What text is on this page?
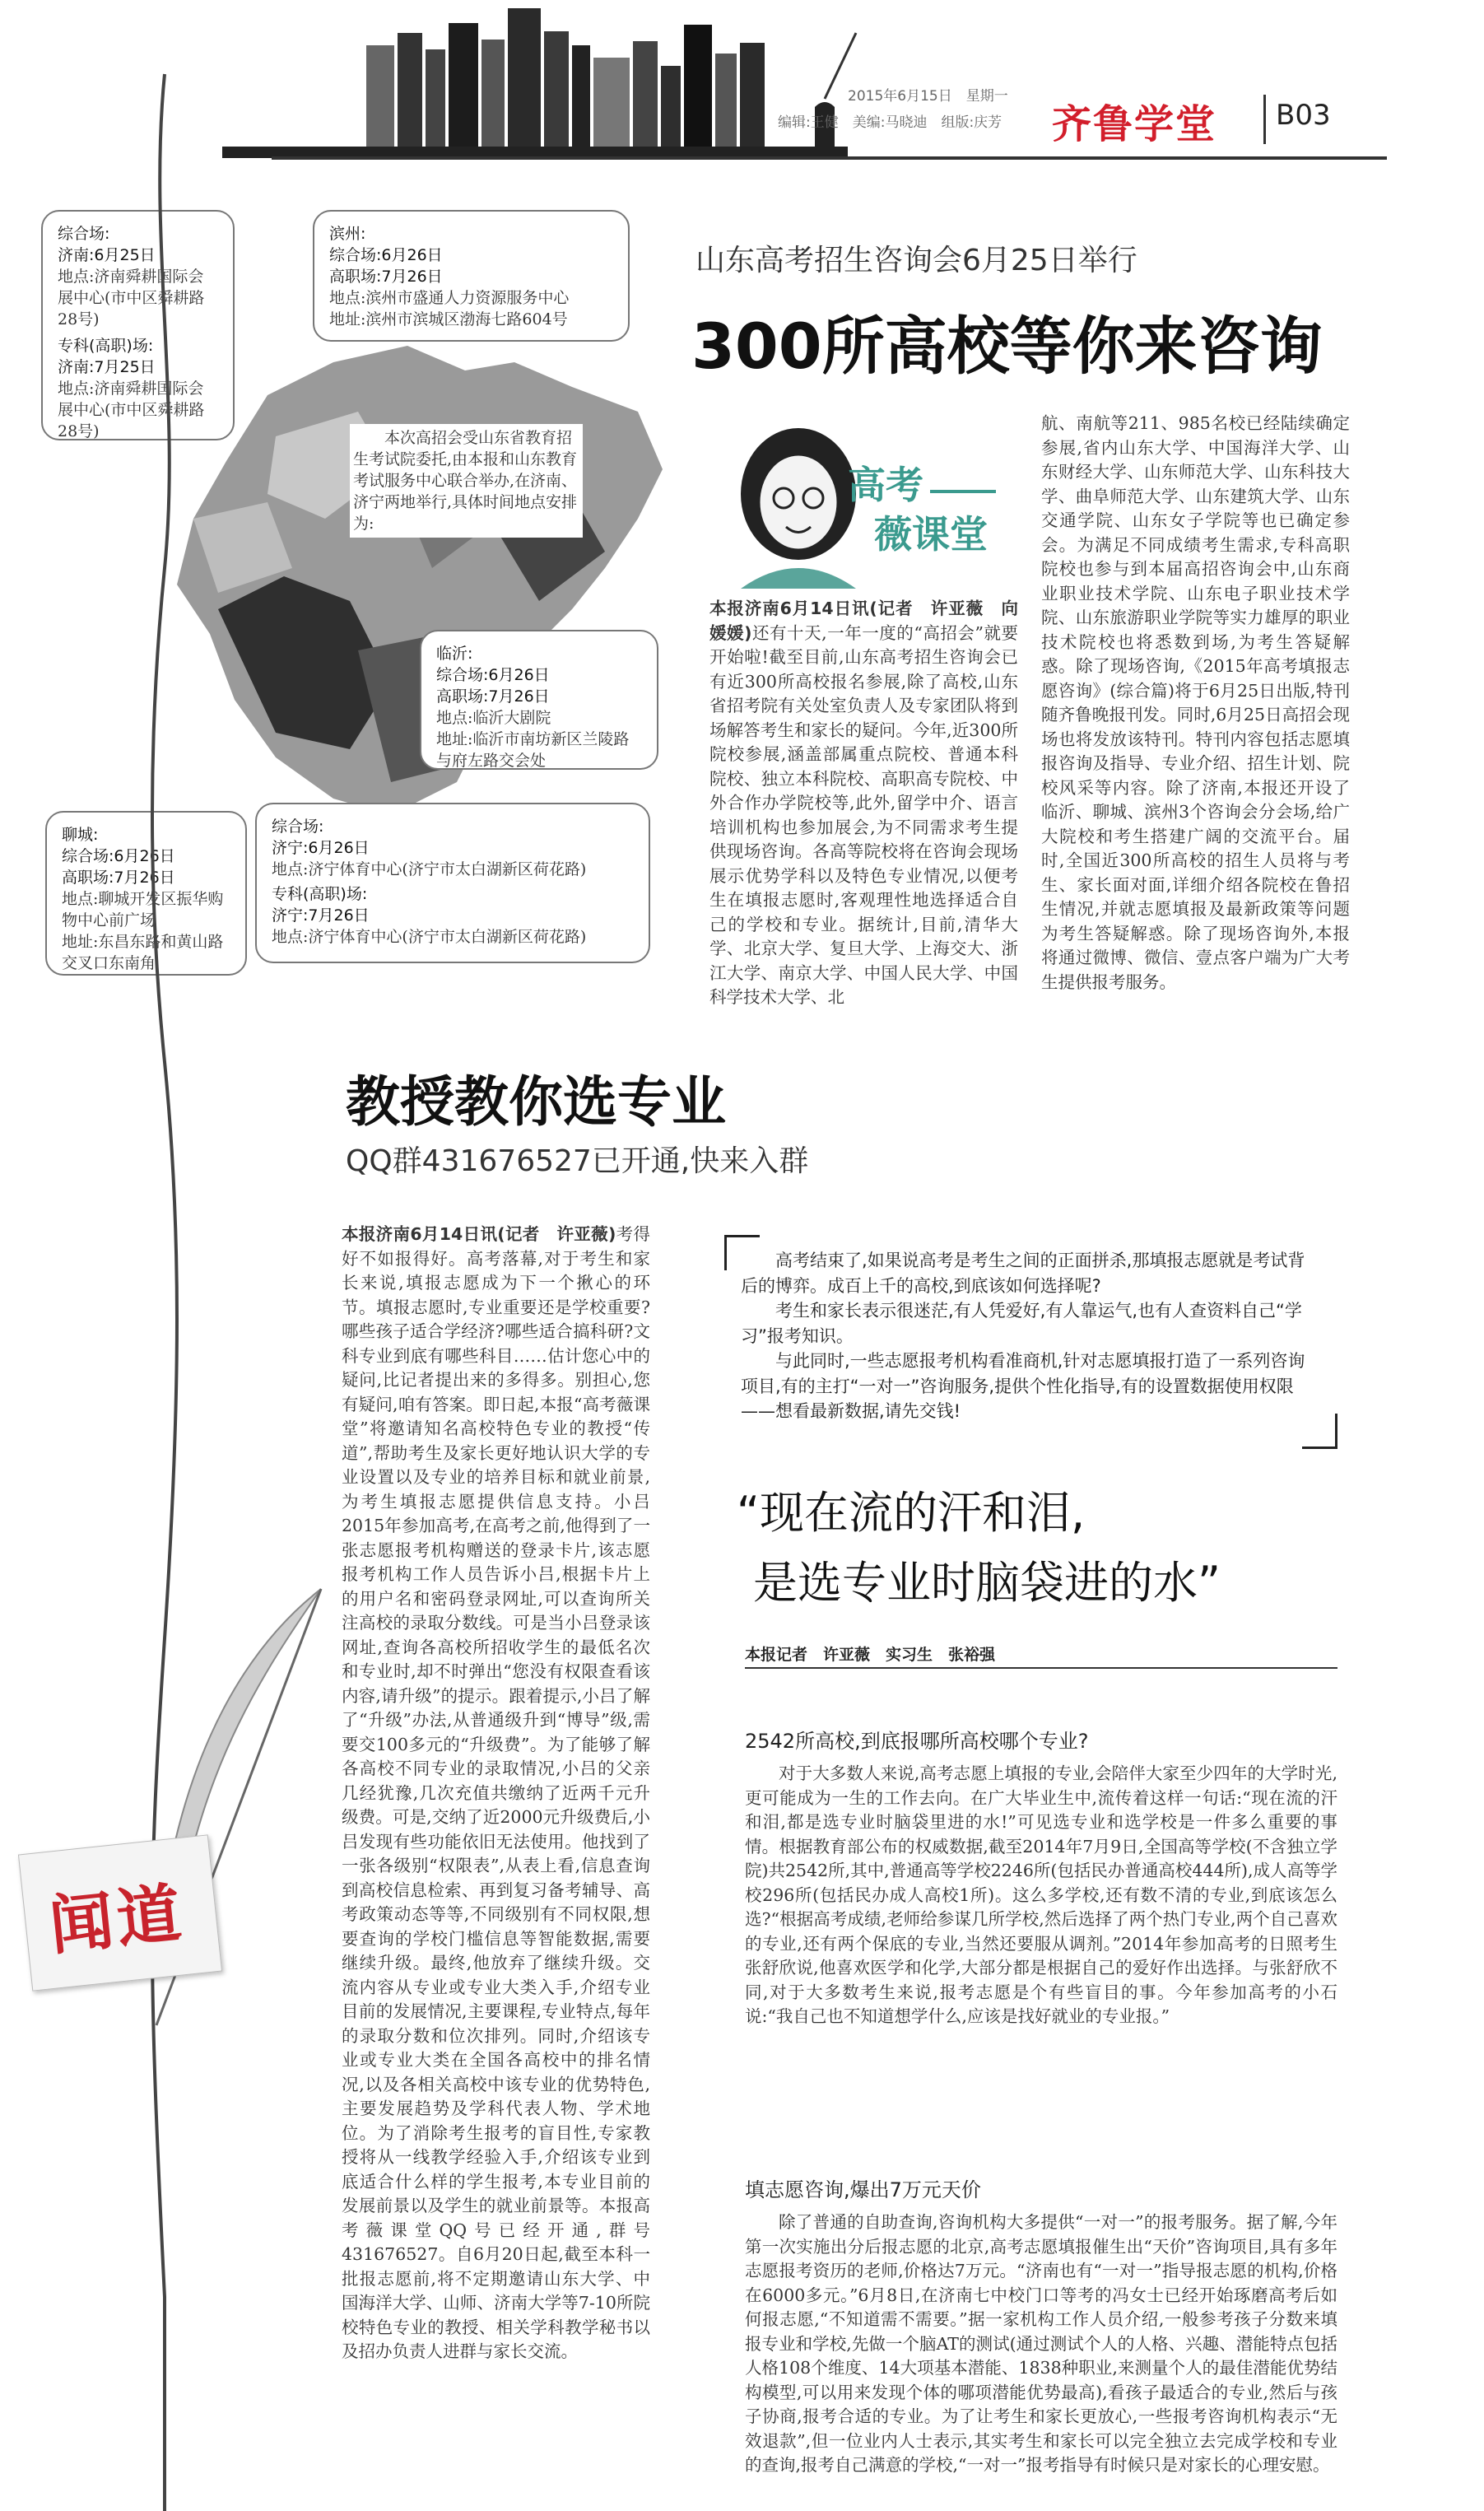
2015年6月15日　星期一
编辑:王健　美编:马晓迪　组版:庆芳 齐鲁学堂 B03
综合场:
济南:6月25日
地点:济南舜耕国际会展中心(市中区舜耕路28号)
专科(高职)场:
济南:7月25日
地点:济南舜耕国际会展中心(市中区舜耕路28号)
滨州:
综合场:6月26日
高职场:7月26日
地点:滨州市盛通人力资源服务中心
地址:滨州市滨城区渤海七路604号
本次高招会受山东省教育招生考试院委托,由本报和山东教育考试服务中心联合举办,在济南、济宁两地举行,具体时间地点安排为:
临沂:
综合场:6月26日
高职场:7月26日
地点:临沂大剧院
地址:临沂市南坊新区兰陵路与府左路交会处
聊城:
综合场:6月26日
高职场:7月26日
地点:聊城开发区振华购物中心前广场
地址:东昌东路和黄山路交叉口东南角
综合场:
济宁:6月26日
地点:济宁体育中心(济宁市太白湖新区荷花路)
专科(高职)场:
济宁:7月26日
地点:济宁体育中心(济宁市太白湖新区荷花路)
山东高考招生咨询会6月25日举行
300所高校等你来咨询
高考
薇课堂

本报济南6月14日讯(记者　许亚薇　向媛媛)还有十天,一年一度的“高招会”就要开始啦!截至目前,山东高考招生咨询会已有近300所高校报名参展,除了高校,山东省招考院有关处室负责人及专家团队将到场解答考生和家长的疑问。今年,近300所院校参展,涵盖部属重点院校、普通本科院校、独立本科院校、高职高专院校、中外合作办学院校等,此外,留学中介、语言培训机构也参加展会,为不同需求考生提供现场咨询。各高等院校将在咨询会现场展示优势学科以及特色专业情况,以便考生在填报志愿时,客观理性地选择适合自己的学校和专业。据统计,目前,清华大学、北京大学、复旦大学、上海交大、浙江大学、南京大学、中国人民大学、中国科学技术大学、北

航、南航等211、985名校已经陆续确定参展,省内山东大学、中国海洋大学、山东财经大学、山东师范大学、山东科技大学、曲阜师范大学、山东建筑大学、山东交通学院、山东女子学院等也已确定参会。为满足不同成绩考生需求,专科高职院校也参与到本届高招咨询会中,山东商业职业技术学院、山东电子职业技术学院、山东旅游职业学院等实力雄厚的职业技术院校也将悉数到场,为考生答疑解惑。除了现场咨询,《2015年高考填报志愿咨询》(综合篇)将于6月25日出版,特刊随齐鲁晚报刊发。同时,6月25日高招会现场也将发放该特刊。特刊内容包括志愿填报咨询及指导、专业介绍、招生计划、院校风采等内容。除了济南,本报还开设了临沂、聊城、滨州3个咨询会分会场,给广大院校和考生搭建广阔的交流平台。届时,全国近300所高校的招生人员将与考生、家长面对面,详细介绍各院校在鲁招生情况,并就志愿填报及最新政策等问题为考生答疑解惑。除了现场咨询外,本报将通过微博、微信、壹点客户端为广大考生提供报考服务。

闻道
教授教你选专业
QQ群431676527已开通,快来入群

本报济南6月14日讯(记者　许亚薇)考得好不如报得好。高考落幕,对于考生和家长来说,填报志愿成为下一个揪心的环节。填报志愿时,专业重要还是学校重要?哪些孩子适合学经济?哪些适合搞科研?文科专业到底有哪些科目……估计您心中的疑问,比记者提出来的多得多。别担心,您有疑问,咱有答案。即日起,本报“高考薇课堂”将邀请知名高校特色专业的教授“传道”,帮助考生及家长更好地认识大学的专业设置以及专业的培养目标和就业前景,为考生填报志愿提供信息支持。小吕2015年参加高考,在高考之前,他得到了一张志愿报考机构赠送的登录卡片,该志愿报考机构工作人员告诉小吕,根据卡片上的用户名和密码登录网址,可以查询所关注高校的录取分数线。可是当小吕登录该网址,查询各高校所招收学生的最低名次和专业时,却不时弹出“您没有权限查看该内容,请升级”的提示。跟着提示,小吕了解了“升级”办法,从普通级升到“博导”级,需要交100多元的“升级费”。为了能够了解各高校不同专业的录取情况,小吕的父亲几经犹豫,几次充值共缴纳了近两千元升级费。可是,交纳了近2000元升级费后,小吕发现有些功能依旧无法使用。他找到了一张各级别“权限表”,从表上看,信息查询到高校信息检索、再到复习备考辅导、高考政策动态等等,不同级别有不同权限,想要查询的学校门槛信息等智能数据,需要继续升级。最终,他放弃了继续升级。交流内容从专业或专业大类入手,介绍专业目前的发展情况,主要课程,专业特点,每年的录取分数和位次排列。同时,介绍该专业或专业大类在全国各高校中的排名情况,以及各相关高校中该专业的优势特色,主要发展趋势及学科代表人物、学术地位。为了消除考生报考的盲目性,专家教授将从一线教学经验入手,介绍该专业到底适合什么样的学生报考,本专业目前的发展前景以及学生的就业前景等。本报高考薇课堂QQ号已经开通,群号431676527。自6月20日起,截至本科一批报志愿前,将不定期邀请山东大学、中国海洋大学、山师、济南大学等7-10所院校特色专业的教授、相关学科教学秘书以及招办负责人进群与家长交流。

高考结束了,如果说高考是考生之间的正面拼杀,那填报志愿就是考试背后的博弈。成百上千的高校,到底该如何选择呢?

考生和家长表示很迷茫,有人凭爱好,有人靠运气,也有人查资料自己“学习”报考知识。

与此同时,一些志愿报考机构看准商机,针对志愿填报打造了一系列咨询项目,有的主打“一对一”咨询服务,提供个性化指导,有的设置数据使用权限——想看最新数据,请先交钱!

“现在流的汗和泪,
是选专业时脑袋进的水”
本报记者　许亚薇　实习生　张裕强
2542所高校,到底报哪所高校哪个专业?

对于大多数人来说,高考志愿上填报的专业,会陪伴大家至少四年的大学时光,更可能成为一生的工作去向。在广大毕业生中,流传着这样一句话:“现在流的汗和泪,都是选专业时脑袋里进的水!”可见选专业和选学校是一件多么重要的事情。根据教育部公布的权威数据,截至2014年7月9日,全国高等学校(不含独立学院)共2542所,其中,普通高等学校2246所(包括民办普通高校444所),成人高等学校296所(包括民办成人高校1所)。这么多学校,还有数不清的专业,到底该怎么选?“根据高考成绩,老师给参谋几所学校,然后选择了两个热门专业,两个自己喜欢的专业,还有两个保底的专业,当然还要服从调剂。”2014年参加高考的日照考生张舒欣说,他喜欢医学和化学,大部分都是根据自己的爱好作出选择。与张舒欣不同,对于大多数考生来说,报考志愿是个有些盲目的事。今年参加高考的小石说:“我自己也不知道想学什么,应该是找好就业的专业报。”

填志愿咨询,爆出7万元天价

除了普通的自助查询,咨询机构大多提供“一对一”的报考服务。据了解,今年第一次实施出分后报志愿的北京,高考志愿填报催生出“天价”咨询项目,具有多年志愿报考资历的老师,价格达7万元。“济南也有“一对一”指导报志愿的机构,价格在6000多元。”6月8日,在济南七中校门口等考的冯女士已经开始琢磨高考后如何报志愿,“不知道需不需要。”据一家机构工作人员介绍,一般参考孩子分数来填报专业和学校,先做一个脑AT的测试(通过测试个人的人格、兴趣、潜能特点包括人格108个维度、14大项基本潜能、1838种职业,来测量个人的最佳潜能优势结构模型,可以用来发现个体的哪项潜能优势最高),看孩子最适合的专业,然后与孩子协商,报考合适的专业。为了让考生和家长更放心,一些报考咨询机构表示“无效退款”,但一位业内人士表示,其实考生和家长可以完全独立去完成学校和专业的查询,报考自己满意的学校,“一对一”报考指导有时候只是对家长的心理安慰。
